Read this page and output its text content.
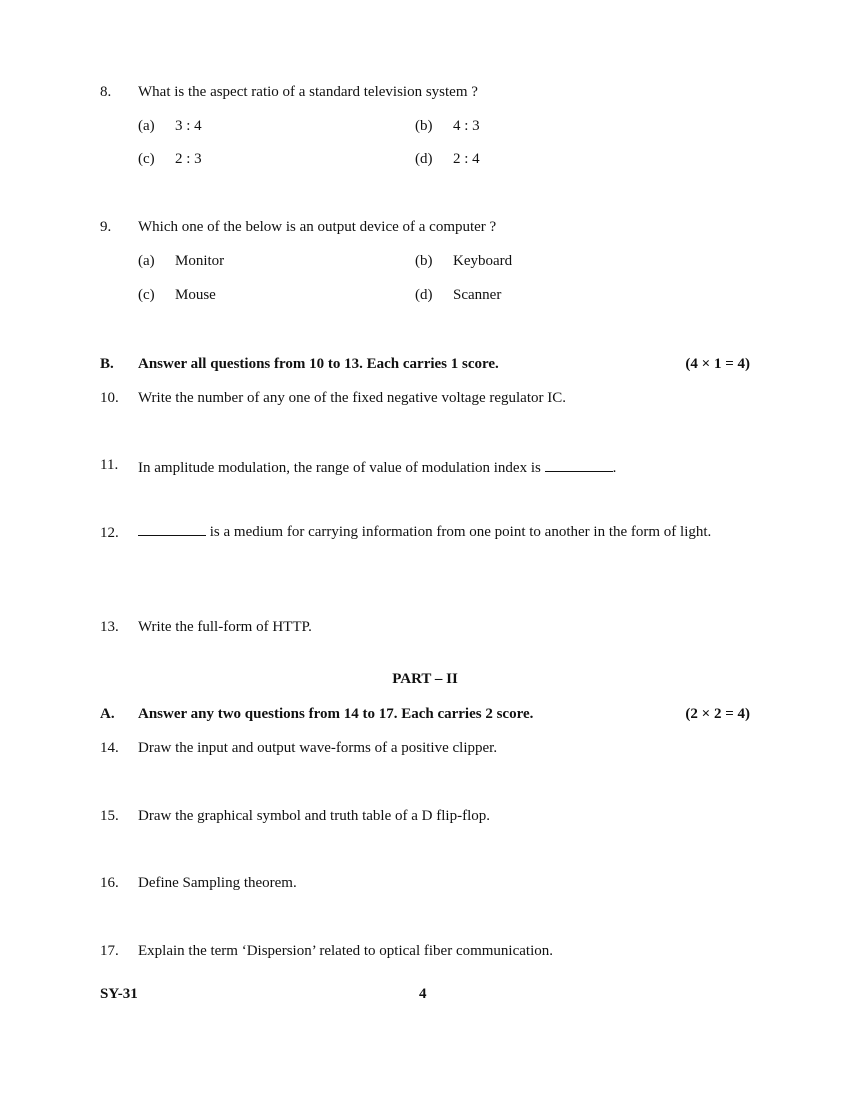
8. What is the aspect ratio of a standard television system ?
(a) 3 : 4	(b) 4 : 3
(c) 2 : 3	(d) 2 : 4
9. Which one of the below is an output device of a computer ?
(a) Monitor	(b) Keyboard
(c) Mouse	(d) Scanner
B. Answer all questions from 10 to 13. Each carries 1 score.	(4 × 1 = 4)
10. Write the number of any one of the fixed negative voltage regulator IC.
11. In amplitude modulation, the range of value of modulation index is	.
12.	is a medium for carrying information from one point to another in the form of light.
13. Write the full-form of HTTP.
PART – II
A. Answer any two questions from 14 to 17. Each carries 2 score.	(2 × 2 = 4)
14. Draw the input and output wave-forms of a positive clipper.
15. Draw the graphical symbol and truth table of a D flip-flop.
16. Define Sampling theorem.
17. Explain the term ‘Dispersion’ related to optical fiber communication.
SY-31	4
